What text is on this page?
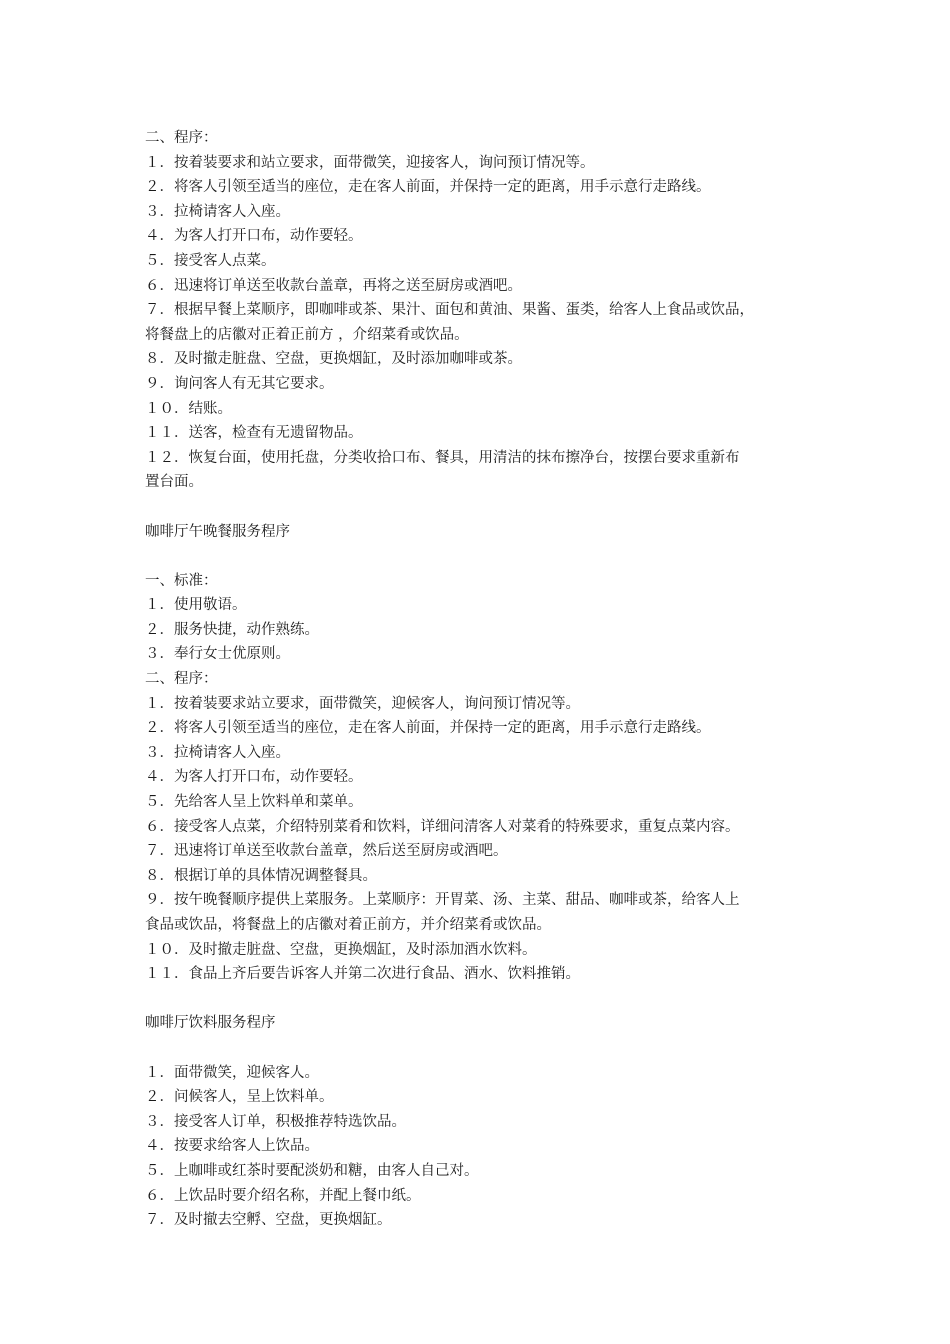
二、程序：
１．按着装要求和站立要求，面带微笑，迎接客人，询问预订情况等。
２．将客人引领至适当的座位，走在客人前面，并保持一定的距离，用手示意行走路线。
３．拉椅请客人入座。
４．为客人打开口布，动作要轻。
５．接受客人点菜。
６．迅速将订单送至收款台盖章，再将之送至厨房或酒吧。
７．根据早餐上菜顺序，即咖啡或茶、果汁、面包和黄油、果酱、蛋类，给客人上食品或饮品，
将餐盘上的店徽对正着正前方 ，介绍菜肴或饮品。
８．及时撤走脏盘、空盘，更换烟缸，及时添加咖啡或茶。
９．询问客人有无其它要求。
１０．结账。
１１．送客，检查有无遗留物品。
１２．恢复台面，使用托盘，分类收拾口布、餐具，用清洁的抹布擦净台，按摆台要求重新布
置台面。
咖啡厅午晚餐服务程序
一、标准：
１．使用敬语。
２．服务快捷，动作熟练。
３．奉行女士优原则。
二、程序：
１．按着装要求站立要求，面带微笑，迎候客人，询问预订情况等。
２．将客人引领至适当的座位，走在客人前面，并保持一定的距离，用手示意行走路线。
３．拉椅请客人入座。
４．为客人打开口布，动作要轻。
５．先给客人呈上饮料单和菜单。
６．接受客人点菜，介绍特别菜肴和饮料，详细问清客人对菜肴的特殊要求，重复点菜内容。
７．迅速将订单送至收款台盖章，然后送至厨房或酒吧。
８．根据订单的具体情况调整餐具。
９．按午晚餐顺序提供上菜服务。上菜顺序：开胃菜、汤、主菜、甜品、咖啡或茶，给客人上
食品或饮品，将餐盘上的店徽对着正前方，并介绍菜肴或饮品。
１０．及时撤走脏盘、空盘，更换烟缸，及时添加酒水饮料。
１１．食品上齐后要告诉客人并第二次进行食品、酒水、饮料推销。
咖啡厅饮料服务程序
１．面带微笑，迎候客人。
２．问候客人，呈上饮料单。
３．接受客人订单，积极推荐特选饮品。
４．按要求给客人上饮品。
５．上咖啡或红茶时要配淡奶和糖，由客人自己对。
６．上饮品时要介绍名称，并配上餐巾纸。
７．及时撤去空孵、空盘，更换烟缸。
